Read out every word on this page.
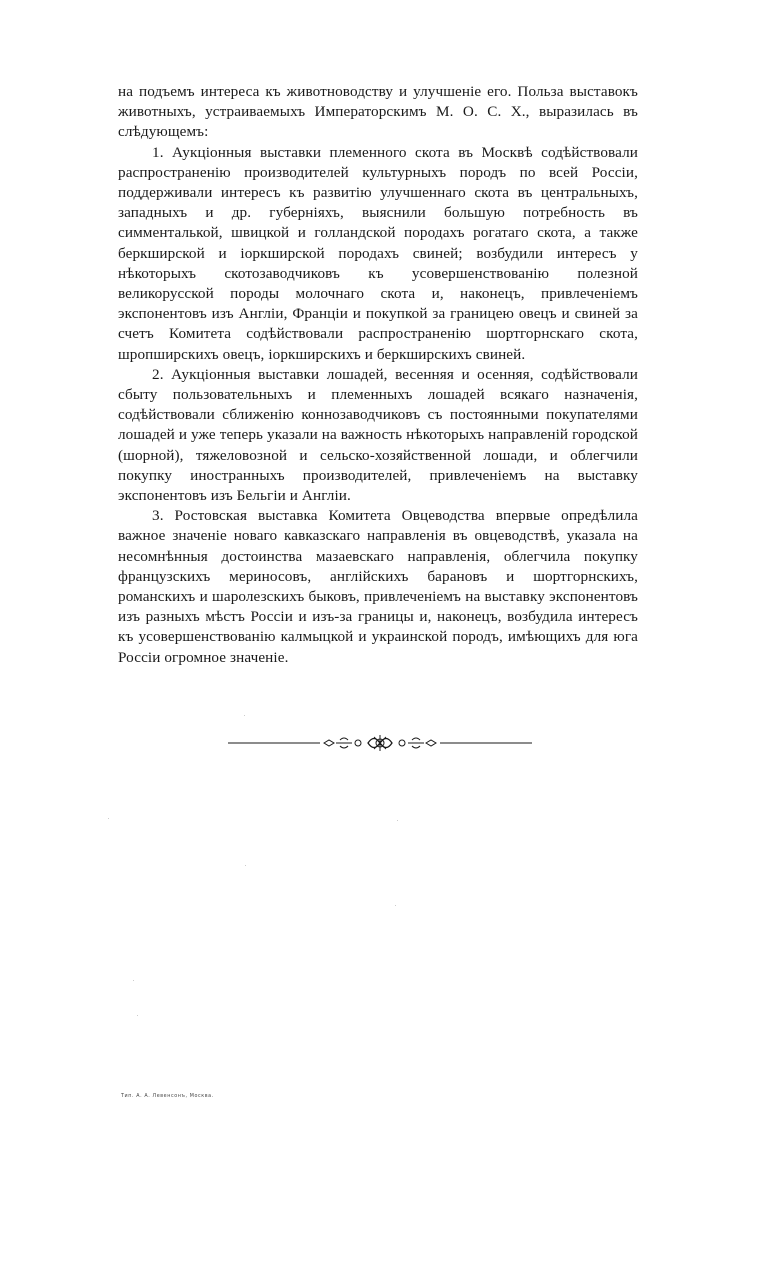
на подъемъ интереса къ животноводству и улучшеніе его. Польза выставокъ животныхъ, устраиваемыхъ Императорскимъ М. О. С. Х., выразилась въ слѣдующемъ:

1. Аукціонныя выставки племенного скота въ Москвѣ содѣйствовали распространенію производителей культурныхъ породъ по всей Россіи, поддерживали интересъ къ развитію улучшеннаго скота въ центральныхъ, западныхъ и др. губерніяхъ, выяснили большую потребность въ симменталькой, швицкой и голландской породахъ рогатаго скота, а также беркширской и іоркширской породахъ свиней; возбудили интересъ у нѣкоторыхъ скотозаводчиковъ къ усовершенствованію полезной великорусской породы молочнаго скота и, наконецъ, привлеченіемъ экспонентовъ изъ Англіи, Франціи и покупкой за границею овецъ и свиней за счетъ Комитета содѣйствовали распространенію шортгорнскаго скота, шропширскихъ овецъ, іоркширскихъ и беркширскихъ свиней.

2. Аукціонныя выставки лошадей, весенняя и осенняя, содѣйствовали сбыту пользовательныхъ и племенныхъ лошадей всякаго назначенія, содѣйствовали сближенію коннозаводчиковъ съ постоянными покупателями лошадей и уже теперь указали на важность нѣкоторыхъ направленій городской (шорной), тяжеловозной и сельско-хозяйственной лошади, и облегчили покупку иностранныхъ производителей, привлеченіемъ на выставку экспонентовъ изъ Бельгіи и Англіи.

3. Ростовская выставка Комитета Овцеводства впервые опредѣлила важное значеніе новаго кавказскаго направленія въ овцеводствѣ, указала на несомнѣнныя достоинства мазаевскаго направленія, облегчила покупку французскихъ мериносовъ, англійскихъ барановъ и шортгорнскихъ, романскихъ и шаролезскихъ быковъ, привлеченіемъ на выставку экспонентовъ изъ разныхъ мѣстъ Россіи и изъ-за границы и, наконецъ, возбудила интересъ къ усовершенствованію калмыцкой и украинской породъ, имѣющихъ для юга Россіи огромное значеніе.

Тип. А. А. Левенсонъ, Москва.
